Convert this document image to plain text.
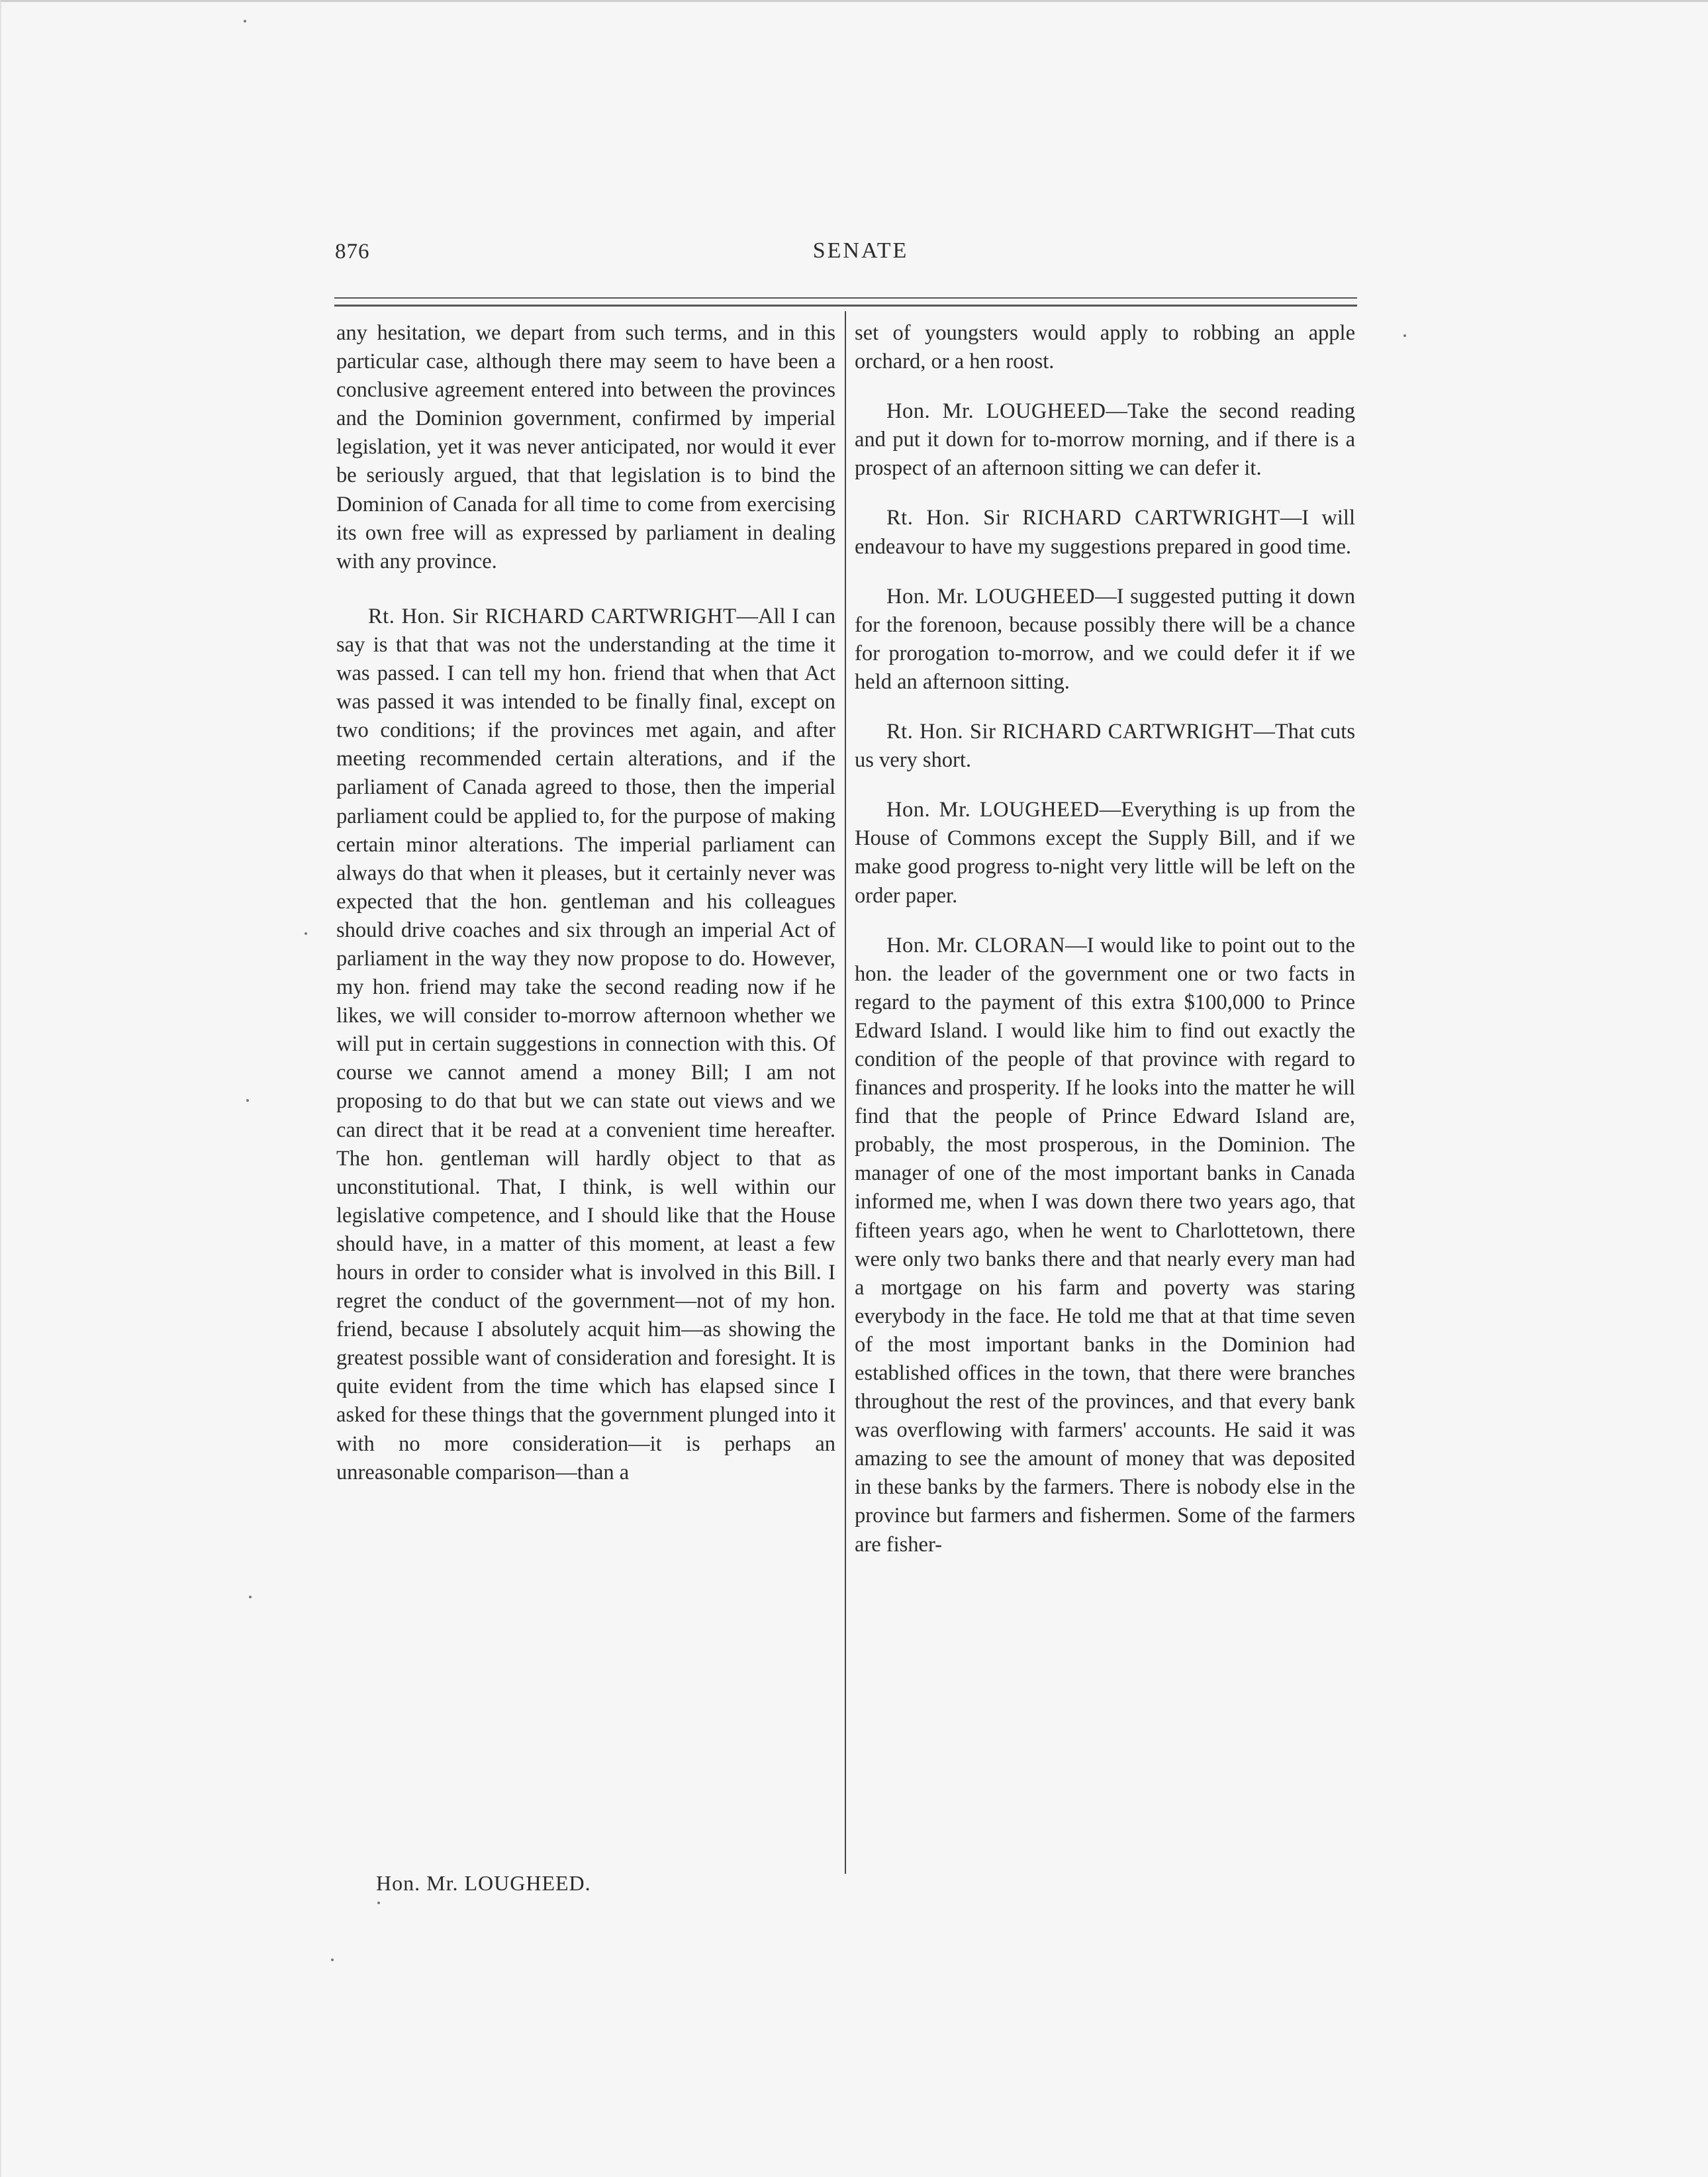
876	SENATE

any hesitation, we depart from such terms, and in this particular case, although there may seem to have been a conclusive agreement entered into between the provinces and the Dominion government, confirmed by imperial legislation, yet it was never anticipated, nor would it ever be seriously argued, that that legislation is to bind the Dominion of Canada for all time to come from exercising its own free will as expressed by parliament in dealing with any province.

Rt. Hon. Sir RICHARD CARTWRIGHT—All I can say is that that was not the understanding at the time it was passed. I can tell my hon. friend that when that Act was passed it was intended to be finally final, except on two conditions; if the provinces met again, and after meeting recommended certain alterations, and if the parliament of Canada agreed to those, then the imperial parliament could be applied to, for the purpose of making certain minor alterations. The imperial parliament can always do that when it pleases, but it certainly never was expected that the hon. gentleman and his colleagues should drive coaches and six through an imperial Act of parliament in the way they now propose to do. However, my hon. friend may take the second reading now if he likes, we will consider to-morrow afternoon whether we will put in certain suggestions in connection with this. Of course we cannot amend a money Bill; I am not proposing to do that but we can state out views and we can direct that it be read at a convenient time hereafter. The hon. gentleman will hardly object to that as unconstitutional. That, I think, is well within our legislative competence, and I should like that the House should have, in a matter of this moment, at least a few hours in order to consider what is involved in this Bill. I regret the conduct of the government—not of my hon. friend, because I absolutely acquit him—as showing the greatest possible want of consideration and foresight. It is quite evident from the time which has elapsed since I asked for these things that the government plunged into it with no more consideration—it is perhaps an unreasonable comparison—than a

set of youngsters would apply to robbing an apple orchard, or a hen roost.

Hon. Mr. LOUGHEED—Take the second reading and put it down for to-morrow morning, and if there is a prospect of an afternoon sitting we can defer it.

Rt. Hon. Sir RICHARD CARTWRIGHT—I will endeavour to have my suggestions prepared in good time.

Hon. Mr. LOUGHEED—I suggested putting it down for the forenoon, because possibly there will be a chance for prorogation to-morrow, and we could defer it if we held an afternoon sitting.

Rt. Hon. Sir RICHARD CARTWRIGHT—That cuts us very short.

Hon. Mr. LOUGHEED—Everything is up from the House of Commons except the Supply Bill, and if we make good progress to-night very little will be left on the order paper.

Hon. Mr. CLORAN—I would like to point out to the hon. the leader of the government one or two facts in regard to the payment of this extra $100,000 to Prince Edward Island. I would like him to find out exactly the condition of the people of that province with regard to finances and prosperity. If he looks into the matter he will find that the people of Prince Edward Island are, probably, the most prosperous, in the Dominion. The manager of one of the most important banks in Canada informed me, when I was down there two years ago, that fifteen years ago, when he went to Charlottetown, there were only two banks there and that nearly every man had a mortgage on his farm and poverty was staring everybody in the face. He told me that at that time seven of the most important banks in the Dominion had established offices in the town, that there were branches throughout the rest of the provinces, and that every bank was overflowing with farmers' accounts. He said it was amazing to see the amount of money that was deposited in these banks by the farmers. There is nobody else in the province but farmers and fishermen. Some of the farmers are fisher-

Hon. Mr. LOUGHEED.
